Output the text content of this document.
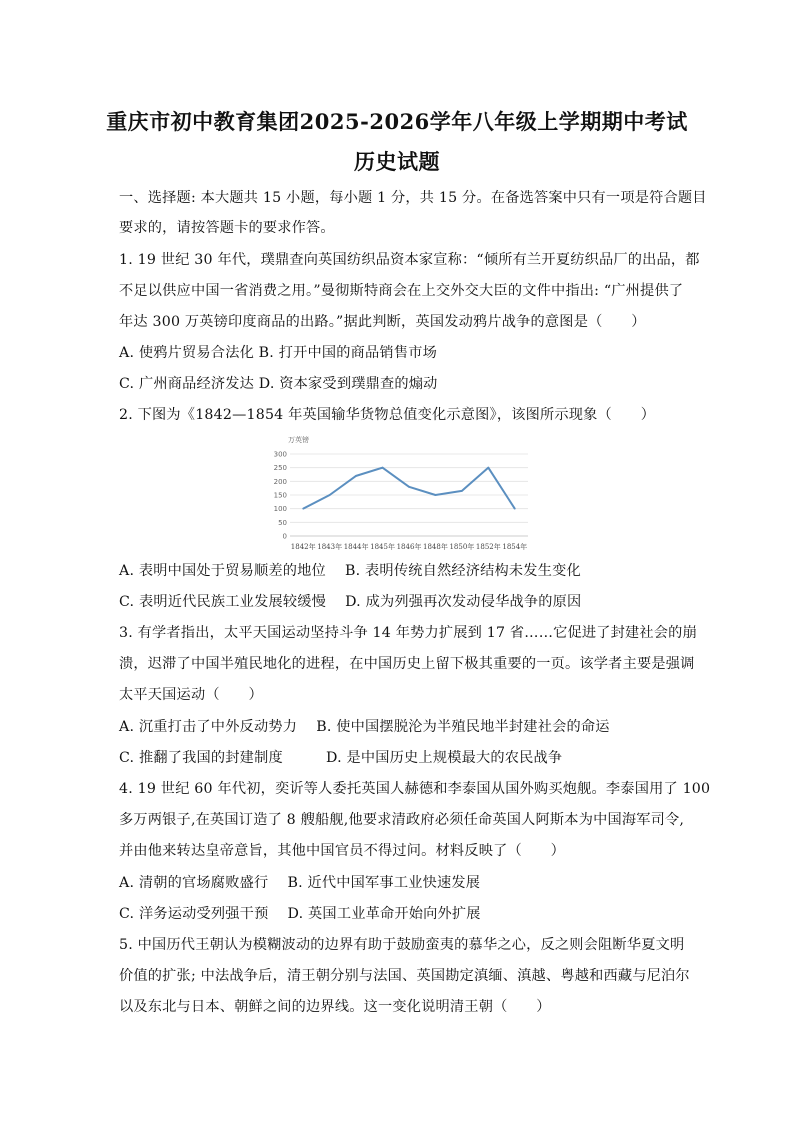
重庆市初中教育集团2025-2026学年八年级上学期期中考试
历史试题
一、选择题: 本大题共 15 小题，每小题 1 分，共 15 分。在备选答案中只有一项是符合题目
要求的，请按答题卡的要求作答。
1. 19 世纪 30 年代，璞鼎查向英国纺织品资本家宣称：“倾所有兰开夏纺织品厂的出品，都
不足以供应中国一省消费之用。”曼彻斯特商会在上交外交大臣的文件中指出: “广州提供了
年达 300 万英镑印度商品的出路。”据此判断，英国发动鸦片战争的意图是（　　）
A. 使鸦片贸易合法化 B. 打开中国的商品销售市场
C. 广州商品经济发达 D. 资本家受到璞鼎查的煽动
2. 下图为《1842—1854 年英国输华货物总值变化示意图》，该图所示现象（　　）
万英镑
0
50
100
150
200
250
300
1842年 1843年 1844年 1845年 1846年 1848年 1850年 1852年 1854年
A. 表明中国处于贸易顺差的地位　 B. 表明传统自然经济结构未发生变化
C. 表明近代民族工业发展较缓慢　 D. 成为列强再次发动侵华战争的原因
3. 有学者指出，太平天国运动坚持斗争 14 年势力扩展到 17 省……它促进了封建社会的崩
溃，迟滞了中国半殖民地化的进程，在中国历史上留下极其重要的一页。该学者主要是强调
太平天国运动（　　）
A. 沉重打击了中外反动势力　 B. 使中国摆脱沦为半殖民地半封建社会的命运
C. 推翻了我国的封建制度　　　D. 是中国历史上规模最大的农民战争
4. 19 世纪 60 年代初，奕䜣等人委托英国人赫德和李泰国从国外购买炮舰。李泰国用了 100
多万两银子,在英国订造了 8 艘船舰,他要求清政府必须任命英国人阿斯本为中国海军司令,
并由他来转达皇帝意旨，其他中国官员不得过问。材料反映了（　　）
A. 清朝的官场腐败盛行　 B. 近代中国军事工业快速发展
C. 洋务运动受列强干预　 D. 英国工业革命开始向外扩展
5. 中国历代王朝认为模糊波动的边界有助于鼓励蛮夷的慕华之心，反之则会阻断华夏文明
价值的扩张; 中法战争后，清王朝分别与法国、英国勘定滇缅、滇越、粤越和西藏与尼泊尔
以及东北与日本、朝鲜之间的边界线。这一变化说明清王朝（　　）
